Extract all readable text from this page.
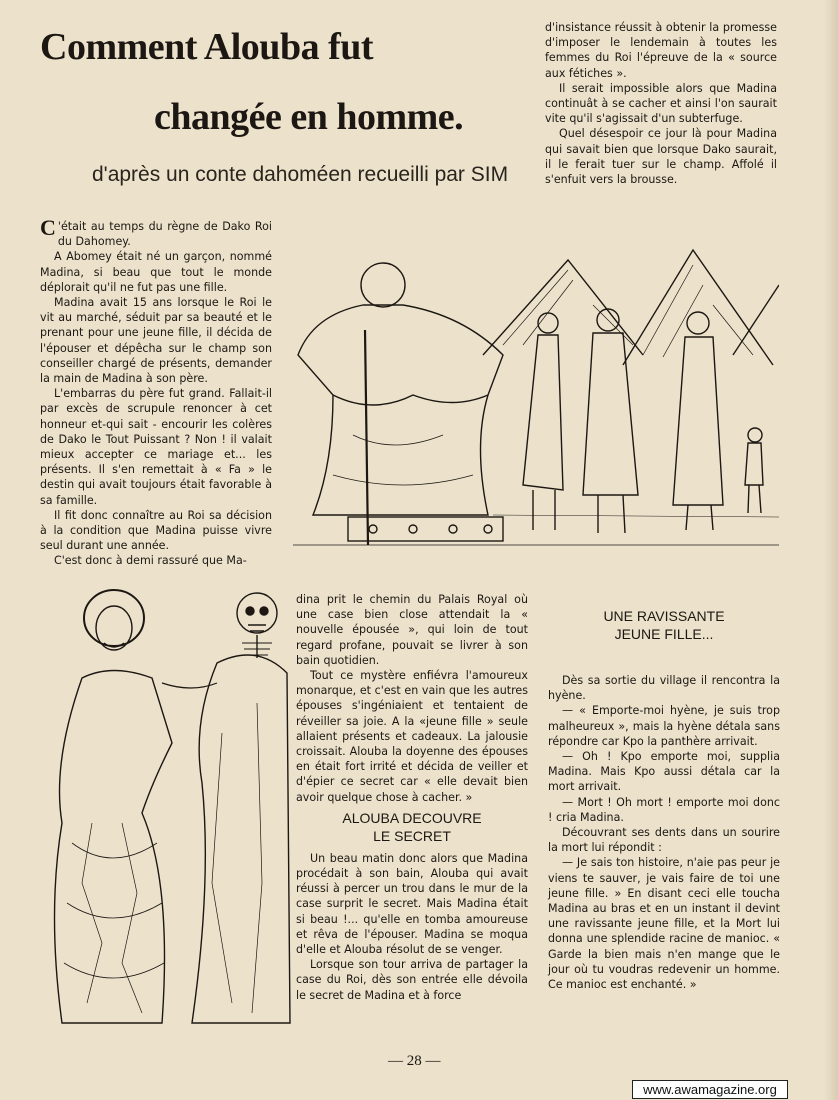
Comment Alouba fut
changée en homme.
d'après un conte dahoméen recueilli par SIM

d'insistance réussit à obtenir la promesse d'imposer le lendemain à toutes les femmes du Roi l'épreuve de la « source aux fétiches ».

Il serait impossible alors que Madina continuât à se cacher et ainsi l'on saurait vite qu'il s'agissait d'un subterfuge.

Quel désespoir ce jour là pour Madina qui savait bien que lorsque Dako saurait, il le ferait tuer sur le champ. Affolé il s'enfuit vers la brousse.

C 'était au temps du règne de Dako Roi du Dahomey.

A Abomey était né un garçon, nommé Madina, si beau que tout le monde déplorait qu'il ne fut pas une fille.

Madina avait 15 ans lorsque le Roi le vit au marché, séduit par sa beauté et le prenant pour une jeune fille, il décida de l'épouser et dépêcha sur le champ son conseiller chargé de présents, demander la main de Madina à son père.

L'embarras du père fut grand. Fallait-il par excès de scrupule renoncer à cet honneur et-qui sait - encourir les colères de Dako le Tout Puissant ? Non ! il valait mieux accepter ce mariage et... les présents. Il s'en remettait à « Fa » le destin qui avait toujours était favorable à sa famille.

Il fit donc connaître au Roi sa décision à la condition que Madina puisse vivre seul durant une année.

C'est donc à demi rassuré que Ma-

dina prit le chemin du Palais Royal où une case bien close attendait la « nouvelle épousée », qui loin de tout regard profane, pouvait se livrer à son bain quotidien.

Tout ce mystère enfiévra l'amoureux monarque, et c'est en vain que les autres épouses s'ingéniaient et tentaient de réveiller sa joie. A la «jeune fille » seule allaient présents et cadeaux. La jalousie croissait. Alouba la doyenne des épouses en était fort irrité et décida de veiller et d'épier ce secret car « elle devait bien avoir quelque chose à cacher. »

ALOUBA DECOUVRE
LE SECRET

Un beau matin donc alors que Madina procédait à son bain, Alouba qui avait réussi à percer un trou dans le mur de la case surprit le secret. Mais Madina était si beau !... qu'elle en tomba amoureuse et rêva de l'épouser. Madina se moqua d'elle et Alouba résolut de se venger.

Lorsque son tour arriva de partager la case du Roi, dès son entrée elle dévoila le secret de Madina et à force

UNE RAVISSANTE
JEUNE FILLE...

Dès sa sortie du village il rencontra la hyène.

— « Emporte-moi hyène, je suis trop malheureux », mais la hyène détala sans répondre car Kpo la panthère arrivait.

— Oh ! Kpo emporte moi, supplia Madina. Mais Kpo aussi détala car la mort arrivait.

— Mort ! Oh mort ! emporte moi donc ! cria Madina.

Découvrant ses dents dans un sourire la mort lui répondit :

— Je sais ton histoire, n'aie pas peur je viens te sauver, je vais faire de toi une jeune fille. » En disant ceci elle toucha Madina au bras et en un instant il devint une ravissante jeune fille, et la Mort lui donna une splendide racine de manioc. « Garde la bien mais n'en mange que le jour où tu voudras redevenir un homme. Ce manioc est enchanté. »

— 28 —
www.awamagazine.org
